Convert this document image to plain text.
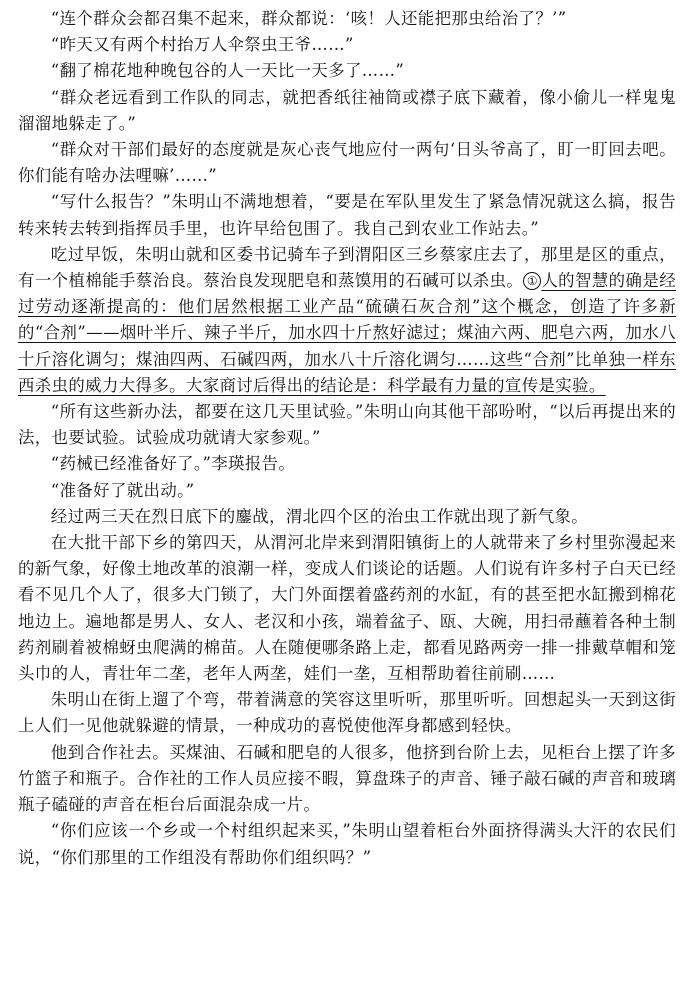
“连个群众会都召集不起来，群众都说：‘咳！人还能把那虫给治了？’”

“昨天又有两个村抬万人伞祭虫王爷……”

“翻了棉花地种晚包谷的人一天比一天多了……”

“群众老远看到工作队的同志，就把香纸往袖筒或襟子底下藏着，像小偷儿一样鬼鬼溜溜地躲走了。”

“群众对干部们最好的态度就是灰心丧气地应付一两句‘日头爷高了，盯一盯回去吧。你们能有啥办法哩嘛’……”

“写什么报告？”朱明山不满地想着，“要是在军队里发生了紧急情况就这么搞，报告转来转去转到指挥员手里，也许早给包围了。我自己到农业工作站去。”

吃过早饭，朱明山就和区委书记骑车子到渭阳区三乡蔡家庄去了，那里是区的重点，有一个植棉能手蔡治良。蔡治良发现肥皂和蒸馍用的石碱可以杀虫。 ① 人的智慧的确是经过劳动逐渐提高的：他们居然根据工业产品“硫磺石灰合剂”这个概念，创造了许多新的“合剂”——烟叶半斤、辣子半斤，加水四十斤熬好滤过；煤油六两、肥皂六两，加水八十斤溶化调匀；煤油四两、石碱四两，加水八十斤溶化调匀……这些“合剂”比单独一样东西杀虫的威力大得多。大家商讨后得出的结论是：科学最有力量的宣传是实验。

“所有这些新办法，都要在这几天里试验。”朱明山向其他干部吩咐，“以后再提出来的法，也要试验。试验成功就请大家参观。”

“药械已经准备好了。”李瑛报告。

“准备好了就出动。”

经过两三天在烈日底下的鏖战，渭北四个区的治虫工作就出现了新气象。

在大批干部下乡的第四天，从渭河北岸来到渭阳镇街上的人就带来了乡村里弥漫起来的新气象，好像土地改革的浪潮一样，变成人们谈论的话题。人们说有许多村子白天已经看不见几个人了，很多大门锁了，大门外面摆着盛药剂的水缸，有的甚至把水缸搬到棉花地边上。遍地都是男人、女人、老汉和小孩，端着盆子、瓯、大碗，用扫帚蘸着各种土制药剂刷着被棉蚜虫爬满的棉苗。人在随便哪条路上走，都看见路两旁一排一排戴草帽和笼头巾的人，青壮年二垄，老年人两垄，娃们一垄，互相帮助着往前刷……

朱明山在街上遛了个弯，带着满意的笑容这里听听，那里听听。回想起头一天到这街上人们一见他就躲避的情景，一种成功的喜悦使他浑身都感到轻快。

他到合作社去。买煤油、石碱和肥皂的人很多，他挤到台阶上去，见柜台上摆了许多竹篮子和瓶子。合作社的工作人员应接不暇，算盘珠子的声音、锤子敲石碱的声音和玻璃瓶子磕碰的声音在柜台后面混杂成一片。

“你们应该一个乡或一个村组织起来买，”朱明山望着柜台外面挤得满头大汗的农民们说，“你们那里的工作组没有帮助你们组织吗？”
